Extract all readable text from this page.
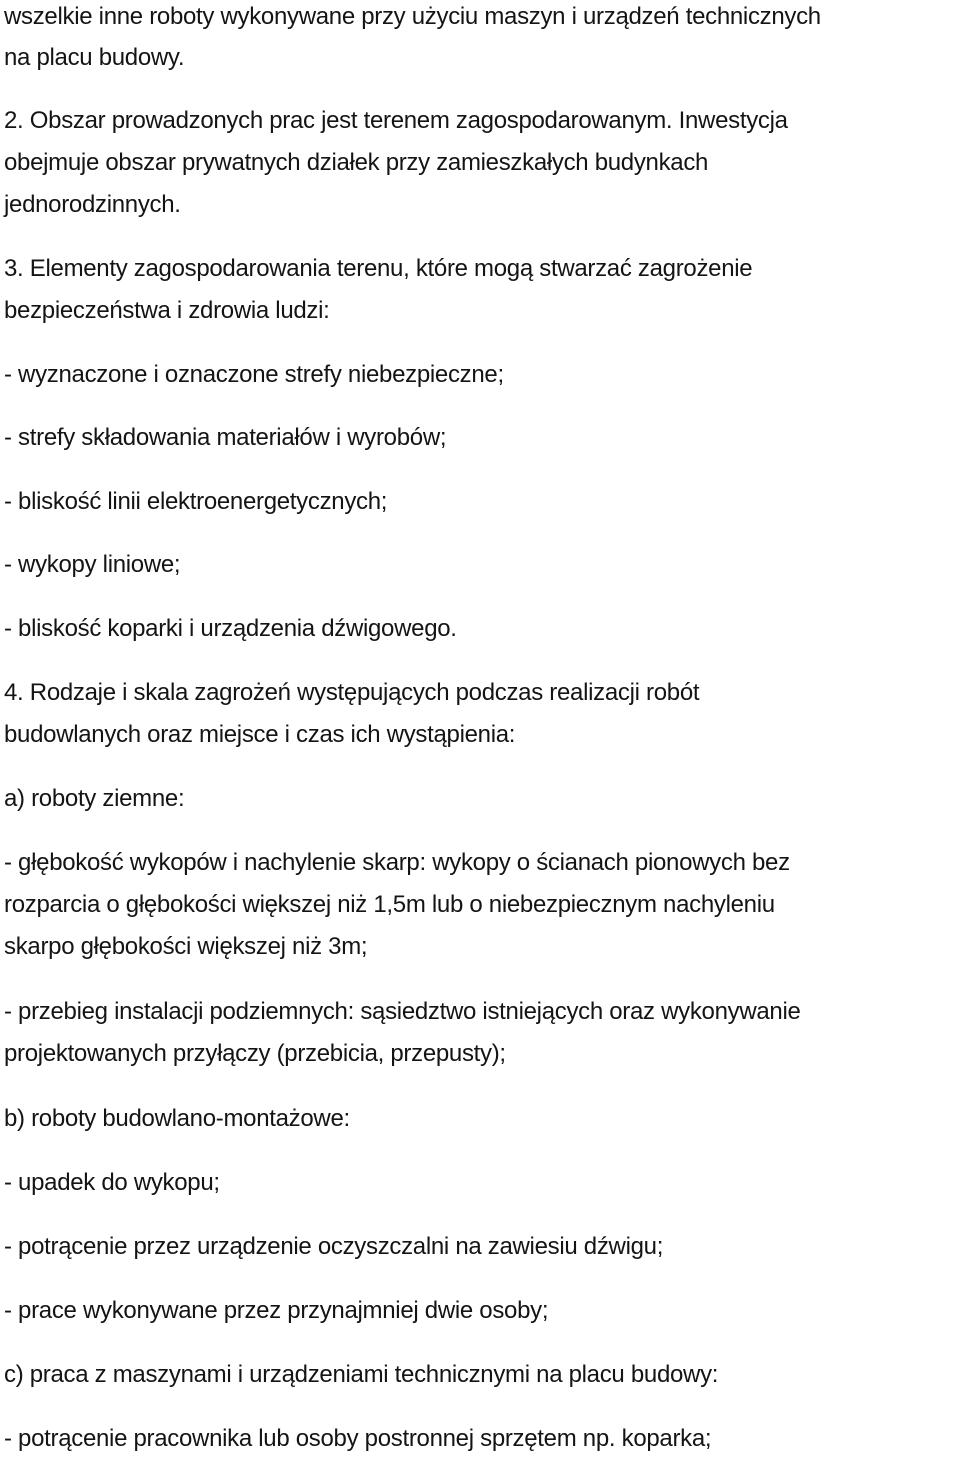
wszelkie inne roboty wykonywane przy użyciu maszyn i urządzeń technicznych
na placu budowy.
2. Obszar prowadzonych prac jest terenem zagospodarowanym. Inwestycja
obejmuje obszar prywatnych działek przy zamieszkałych budynkach
jednorodzinnych.
3. Elementy zagospodarowania terenu, które mogą stwarzać zagrożenie
bezpieczeństwa i zdrowia ludzi:
- wyznaczone i oznaczone strefy niebezpieczne;
- strefy składowania materiałów i wyrobów;
- bliskość linii elektroenergetycznych;
- wykopy liniowe;
- bliskość koparki i urządzenia dźwigowego.
4. Rodzaje i skala zagrożeń występujących podczas realizacji robót
budowlanych oraz miejsce i czas ich wystąpienia:
a) roboty ziemne:
- głębokość wykopów i nachylenie skarp: wykopy o ścianach pionowych bez
rozparcia o głębokości większej niż 1,5m lub o niebezpiecznym nachyleniu
skarpo głębokości większej niż 3m;
- przebieg instalacji podziemnych: sąsiedztwo istniejących oraz wykonywanie
projektowanych przyłączy (przebicia, przepusty);
b) roboty budowlano-montażowe:
- upadek do wykopu;
- potrącenie przez urządzenie oczyszczalni na zawiesiu dźwigu;
- prace wykonywane przez przynajmniej dwie osoby;
c) praca z maszynami i urządzeniami technicznymi na placu budowy:
- potrącenie pracownika lub osoby postronnej sprzętem np. koparka;
